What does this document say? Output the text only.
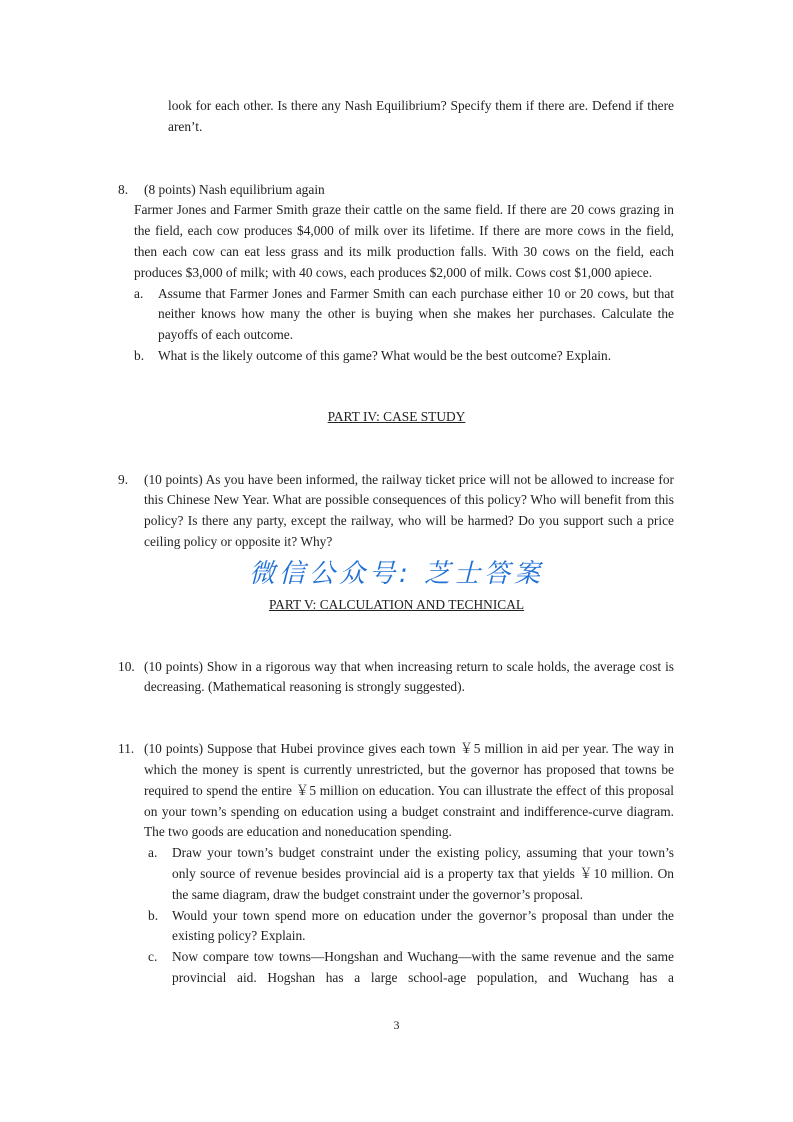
look for each other. Is there any Nash Equilibrium? Specify them if there are. Defend if there aren’t.
8.	(8 points) Nash equilibrium again
Farmer Jones and Farmer Smith graze their cattle on the same field. If there are 20 cows grazing in the field, each cow produces $4,000 of milk over its lifetime. If there are more cows in the field, then each cow can eat less grass and its milk production falls. With 30 cows on the field, each produces $3,000 of milk; with 40 cows, each produces $2,000 of milk. Cows cost $1,000 apiece.
a.	Assume that Farmer Jones and Farmer Smith can each purchase either 10 or 20 cows, but that neither knows how many the other is buying when she makes her purchases. Calculate the payoffs of each outcome.
b.	What is the likely outcome of this game? What would be the best outcome? Explain.
PART IV: CASE STUDY
9.	(10 points) As you have been informed, the railway ticket price will not be allowed to increase for this Chinese New Year. What are possible consequences of this policy? Who will benefit from this policy? Is there any party, except the railway, who will be harmed? Do you support such a price ceiling policy or opposite it? Why?
微信公众号: 芝士答案
PART V: CALCULATION AND TECHNICAL
10. (10 points) Show in a rigorous way that when increasing return to scale holds, the average cost is decreasing. (Mathematical reasoning is strongly suggested).
11. (10 points) Suppose that Hubei province gives each town ￥5 million in aid per year. The way in which the money is spent is currently unrestricted, but the governor has proposed that towns be required to spend the entire ￥5 million on education. You can illustrate the effect of this proposal on your town’s spending on education using a budget constraint and indifference-curve diagram. The two goods are education and noneducation spending.
a.	Draw your town’s budget constraint under the existing policy, assuming that your town’s only source of revenue besides provincial aid is a property tax that yields ￥10 million. On the same diagram, draw the budget constraint under the governor’s proposal.
b.	Would your town spend more on education under the governor’s proposal than under the existing policy? Explain.
c.	Now compare tow towns—Hongshan and Wuchang—with the same revenue and the same provincial aid. Hogshan has a large school-age population, and Wuchang has a
3
